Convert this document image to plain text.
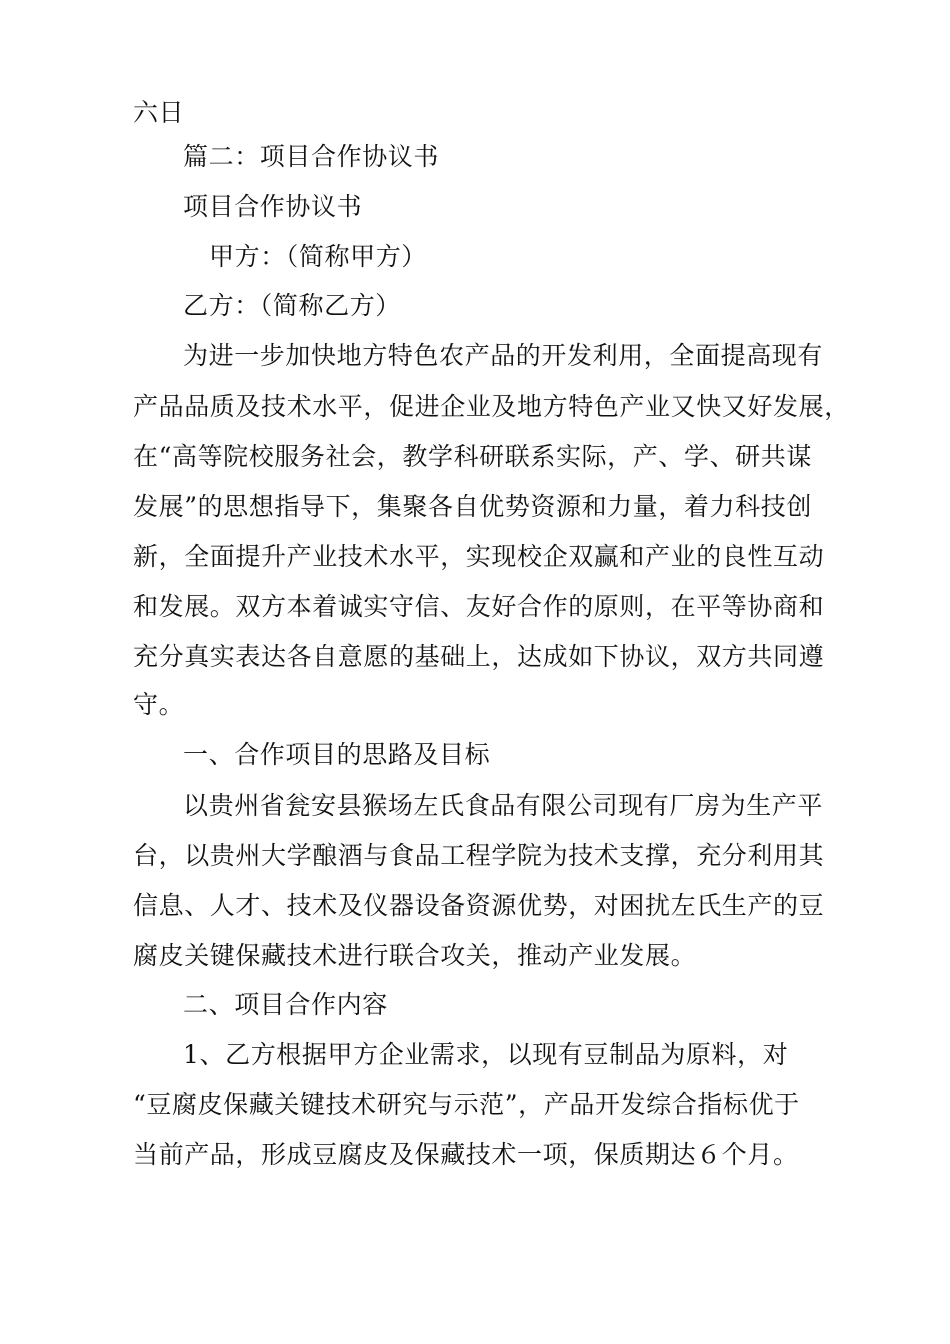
六日
篇二：项目合作协议书
项目合作协议书
甲方：（简称甲方）
乙方：（简称乙方）
为进一步加快地方特色农产品的开发利用，全面提高现有
产品品质及技术水平，促进企业及地方特色产业又快又好发展，
在“高等院校服务社会，教学科研联系实际，产、学、研共谋
发展”的思想指导下，集聚各自优势资源和力量，着力科技创
新，全面提升产业技术水平，实现校企双赢和产业的良性互动
和发展。双方本着诚实守信、友好合作的原则，在平等协商和
充分真实表达各自意愿的基础上，达成如下协议，双方共同遵
守。
一、合作项目的思路及目标
以贵州省瓮安县猴场左氏食品有限公司现有厂房为生产平
台，以贵州大学酿酒与食品工程学院为技术支撑，充分利用其
信息、人才、技术及仪器设备资源优势，对困扰左氏生产的豆
腐皮关键保藏技术进行联合攻关，推动产业发展。
二、项目合作内容
1、乙方根据甲方企业需求，以现有豆制品为原料，对
“豆腐皮保藏关键技术研究与示范”，产品开发综合指标优于
当前产品，形成豆腐皮及保藏技术一项，保质期达６个月。
